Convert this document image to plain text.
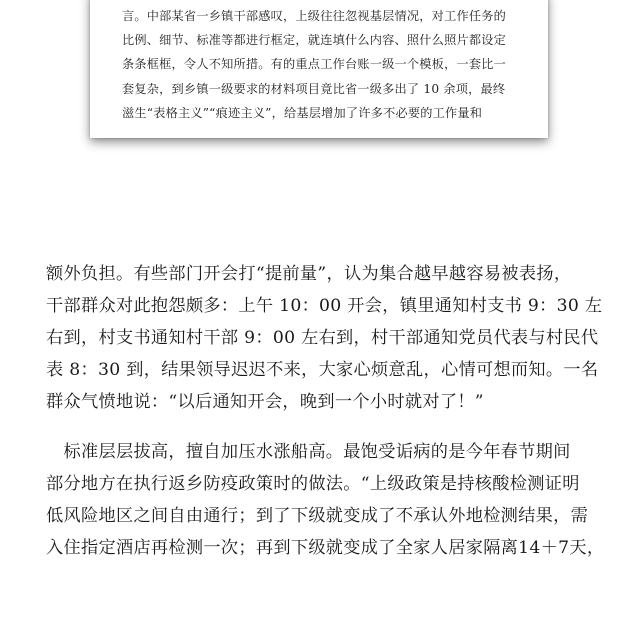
言。中部某省一乡镇干部感叹，上级往往忽视基层情况，对工作任务的
比例、细节、标准等都进行框定，就连填什么内容、照什么照片都设定
条条框框，令人不知所措。有的重点工作台账一级一个模板，一套比一
套复杂，到乡镇一级要求的材料项目竟比省一级多出了 10 余项，最终
滋生“表格主义”“痕迹主义”，给基层增加了许多不必要的工作量和
额外负担。有些部门开会打“提前量”，认为集合越早越容易被表扬，
干部群众对此抱怨颇多：上午 10：00 开会，镇里通知村支书 9：30 左
右到，村支书通知村干部 9：00 左右到，村干部通知党员代表与村民代
表 8：30 到，结果领导迟迟不来，大家心烦意乱，心情可想而知。一名
群众气愤地说：“以后通知开会，晚到一个小时就对了！”
　标准层层拔高，擅自加压水涨船高。最饱受诟病的是今年春节期间
部分地方在执行返乡防疫政策时的做法。“上级政策是持核酸检测证明
低风险地区之间自由通行；到了下级就变成了不承认外地检测结果，需
入住指定酒店再检测一次；再到下级就变成了全家人居家隔离14＋7天，
